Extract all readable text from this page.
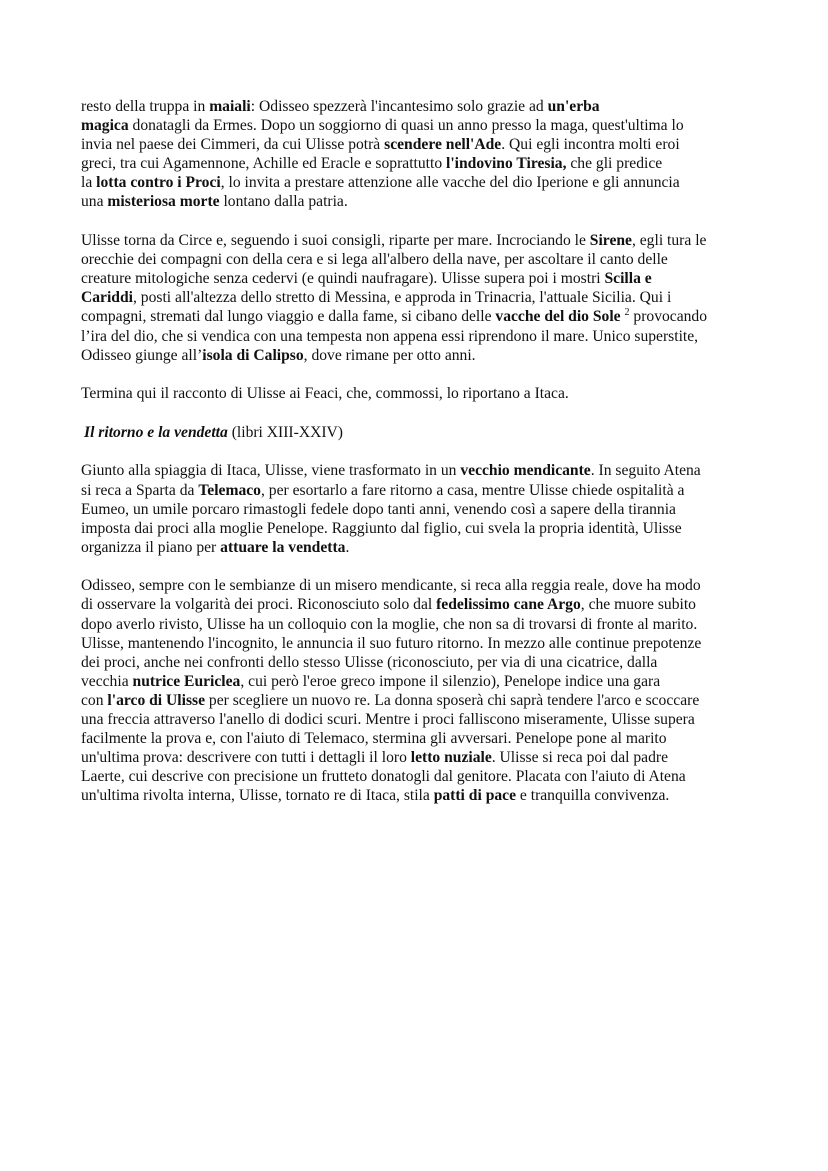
resto della truppa in maiali: Odisseo spezzerà l'incantesimo solo grazie ad un'erba
magica donatagli da Ermes. Dopo un soggiorno di quasi un anno presso la maga, quest'ultima lo
invia nel paese dei Cimmeri, da cui Ulisse potrà scendere nell'Ade. Qui egli incontra molti eroi
greci, tra cui Agamennone, Achille ed Eracle e soprattutto l'indovino Tiresia, che gli predice
la lotta contro i Proci, lo invita a prestare attenzione alle vacche del dio Iperione e gli annuncia
una misteriosa morte lontano dalla patria.
Ulisse torna da Circe e, seguendo i suoi consigli, riparte per mare. Incrociando le Sirene, egli tura le
orecchie dei compagni con della cera e si lega all'albero della nave, per ascoltare il canto delle
creature mitologiche senza cedervi (e quindi naufragare). Ulisse supera poi i mostri Scilla e
Cariddi, posti all'altezza dello stretto di Messina, e approda in Trinacria, l'attuale Sicilia. Qui i
compagni, stremati dal lungo viaggio e dalla fame, si cibano delle vacche del dio Sole $^2$ provocando
l’ira del dio, che si vendica con una tempesta non appena essi riprendono il mare. Unico superstite,
Odisseo giunge all’isola di Calipso, dove rimane per otto anni.
Termina qui il racconto di Ulisse ai Feaci, che, commossi, lo riportano a Itaca.
Il ritorno e la vendetta (libri XIII-XXIV)
Giunto alla spiaggia di Itaca, Ulisse, viene trasformato in un vecchio mendicante. In seguito Atena
si reca a Sparta da Telemaco, per esortarlo a fare ritorno a casa, mentre Ulisse chiede ospitalità a
Eumeo, un umile porcaro rimastogli fedele dopo tanti anni, venendo così a sapere della tirannia
imposta dai proci alla moglie Penelope. Raggiunto dal figlio, cui svela la propria identità, Ulisse
organizza il piano per attuare la vendetta.
Odisseo, sempre con le sembianze di un misero mendicante, si reca alla reggia reale, dove ha modo
di osservare la volgarità dei proci. Riconosciuto solo dal fedelissimo cane Argo, che muore subito
dopo averlo rivisto, Ulisse ha un colloquio con la moglie, che non sa di trovarsi di fronte al marito.
Ulisse, mantenendo l'incognito, le annuncia il suo futuro ritorno. In mezzo alle continue prepotenze
dei proci, anche nei confronti dello stesso Ulisse (riconosciuto, per via di una cicatrice, dalla
vecchia nutrice Euriclea, cui però l'eroe greco impone il silenzio), Penelope indice una gara
con l'arco di Ulisse per scegliere un nuovo re. La donna sposerà chi saprà tendere l'arco e scoccare
una freccia attraverso l'anello di dodici scuri. Mentre i proci falliscono miseramente, Ulisse supera
facilmente la prova e, con l'aiuto di Telemaco, stermina gli avversari. Penelope pone al marito
un'ultima prova: descrivere con tutti i dettagli il loro letto nuziale. Ulisse si reca poi dal padre
Laerte, cui descrive con precisione un frutteto donatogli dal genitore. Placata con l'aiuto di Atena
un'ultima rivolta interna, Ulisse, tornato re di Itaca, stila patti di pace e tranquilla convivenza.
